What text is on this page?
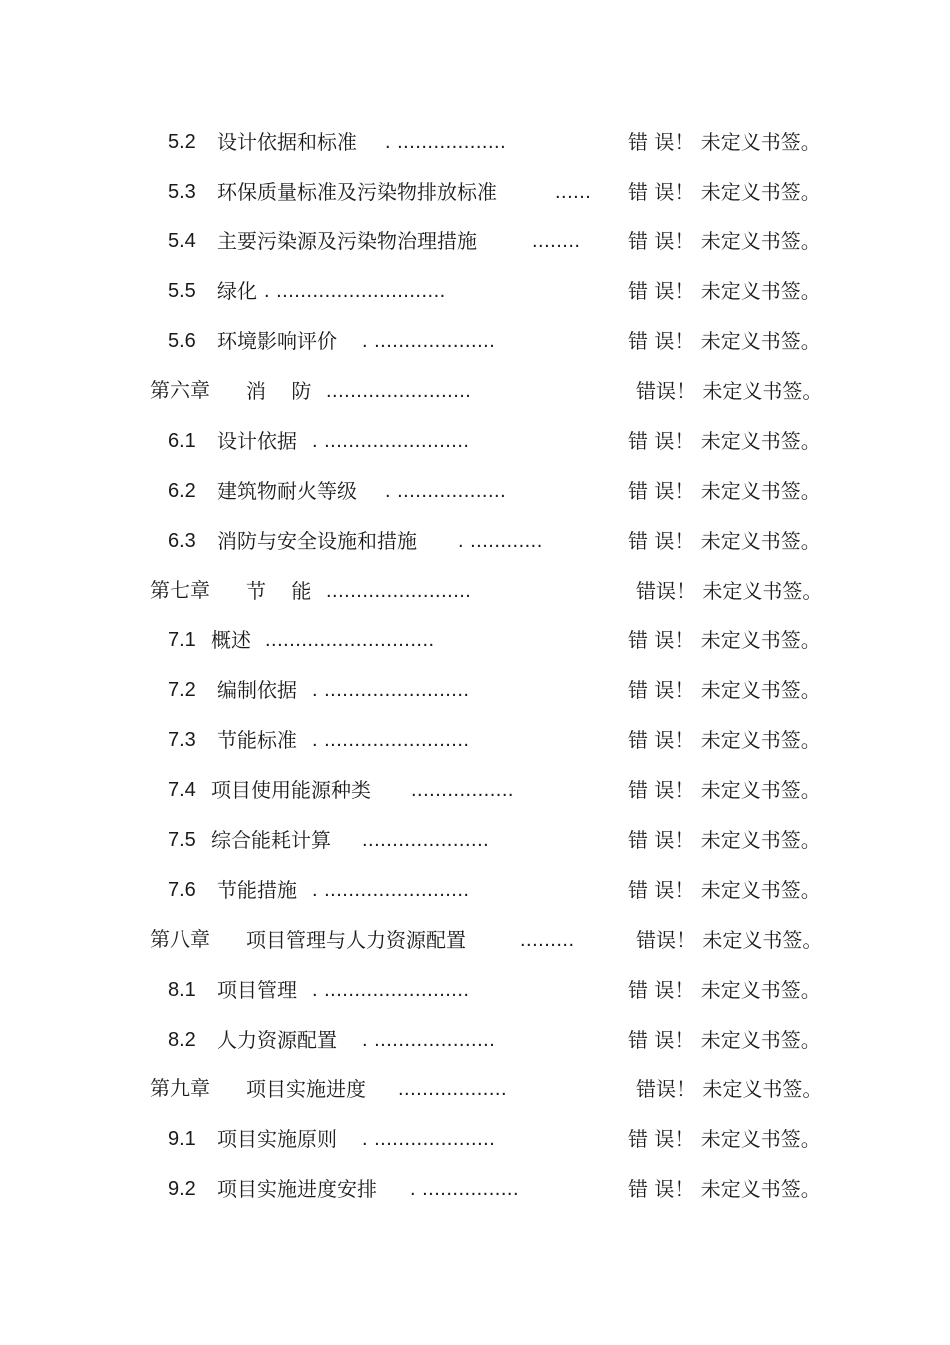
5.2 设计依据和标准 . ..................	错 误！ 未定义书签。
5.3 环保质量标准及污染物排放标准	...... 错 误！ 未定义书签。
5.4 主要污染源及污染物治理措施	........ 错 误！ 未定义书签。
5.5 绿化 . ............................	错 误！ 未定义书签。
5.6 环境影响评价 . ....................	错 误！ 未定义书签。
第六章 消    防 ........................	错误！ 未定义书签。
6.1 设计依据 . ........................	错 误！ 未定义书签。
6.2 建筑物耐火等级 . ..................	错 误！ 未定义书签。
6.3 消防与安全设施和措施 . ............	错 误！ 未定义书签。
第七章 节    能 ........................	错误！ 未定义书签。
7.1 概述 ............................	错 误！ 未定义书签。
7.2 编制依据 . ........................	错 误！ 未定义书签。
7.3 节能标准 . ........................	错 误！ 未定义书签。
7.4 项目使用能源种类 .................	错 误！ 未定义书签。
7.5 综合能耗计算 .....................	错 误！ 未定义书签。
7.6 节能措施 . ........................	错 误！ 未定义书签。
第八章 项目管理与人力资源配置	.........	错误！ 未定义书签。
8.1 项目管理 . ........................	错 误！ 未定义书签。
8.2 人力资源配置 . ....................	错 误！ 未定义书签。
第九章 项目实施进度 ..................	错误！ 未定义书签。
9.1 项目实施原则 . ....................	错 误！ 未定义书签。
9.2 项目实施进度安排 . ................	错 误！ 未定义书签。
